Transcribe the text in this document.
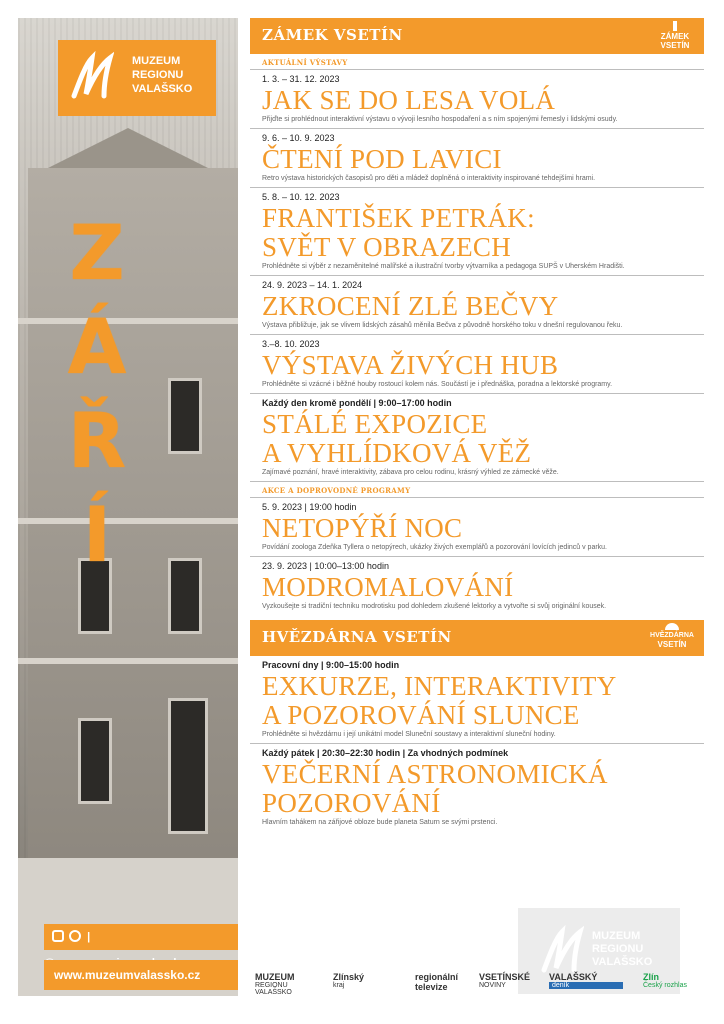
MUZEUM
REGIONU
VALAŠSKO
Z
Á
Ř
Í
|
www.muzeumvalassko.cz
ZÁMEK VSETÍN	ZÁMEK
VSETÍN
AKTUÁLNÍ VÝSTAVY
1. 3. – 31. 12. 2023
JAK SE DO LESA VOLÁ
Přijďte si prohlédnout interaktivní výstavu o vývoji lesního hospodaření a s ním spojenými řemesly i lidskými osudy.
9. 6. – 10. 9. 2023
ČTENÍ POD LAVICI
Retro výstava historických časopisů pro děti a mládež doplněná o interaktivity inspirované tehdejšími hrami.
5. 8. – 10. 12. 2023
FRANTIŠEK PETRÁK:
SVĚT V OBRAZECH
Prohlédněte si výběr z nezaměnitelné malířské a ilustrační tvorby výtvarníka a pedagoga SUPŠ v Uherském Hradišti.
24. 9. 2023 – 14. 1. 2024
ZKROCENÍ ZLÉ BEČVY
Výstava přibližuje, jak se vlivem lidských zásahů měnila Bečva z původně horského toku v dnešní regulovanou řeku.
3.–8. 10. 2023
VÝSTAVA ŽIVÝCH HUB
Prohlédněte si vzácné i běžné houby rostoucí kolem nás. Součástí je i přednáška, poradna a lektorské programy.
Každý den kromě pondělí | 9:00–17:00 hodin
STÁLÉ EXPOZICE
A VYHLÍDKOVÁ VĚŽ
Zajímavé poznání, hravé interaktivity, zábava pro celou rodinu, krásný výhled ze zámecké věže.
AKCE A DOPROVODNÉ PROGRAMY
5. 9. 2023 | 19:00 hodin
NETOPÝŘÍ NOC
Povídání zoologa Zdeňka Tyllera o netopýrech, ukázky živých exemplářů a pozorování lovících jedinců v parku.
23. 9. 2023 | 10:00–13:00 hodin
MODROMALOVÁNÍ
Vyzkoušejte si tradiční techniku modrotisku pod dohledem zkušené lektorky a vytvořte si svůj originální kousek.
HVĚZDÁRNA VSETÍN	HVĚZDÁRNA
VSETÍN
Pracovní dny | 9:00–15:00 hodin
EXKURZE, INTERAKTIVITY
A POZOROVÁNÍ SLUNCE
Prohlédněte si hvězdárnu i její unikátní model Sluneční soustavy a interaktivní sluneční hodiny.
Každý pátek | 20:30–22:30 hodin | Za vhodných podmínek
VEČERNÍ ASTRONOMICKÁ
POZOROVÁNÍ
Hlavním tahákem na zářijové obloze bude planeta Saturn se svými prstenci.
MUZEUM
REGIONU
VALAŠSKO
MUZEUM
REGIONU
VALAŠSKO
Zlínský
kraj
regionální televize
VSETÍNSKÉ
NOVINY
VALAŠSKÝ
deník
Zlín
Český rozhlas
